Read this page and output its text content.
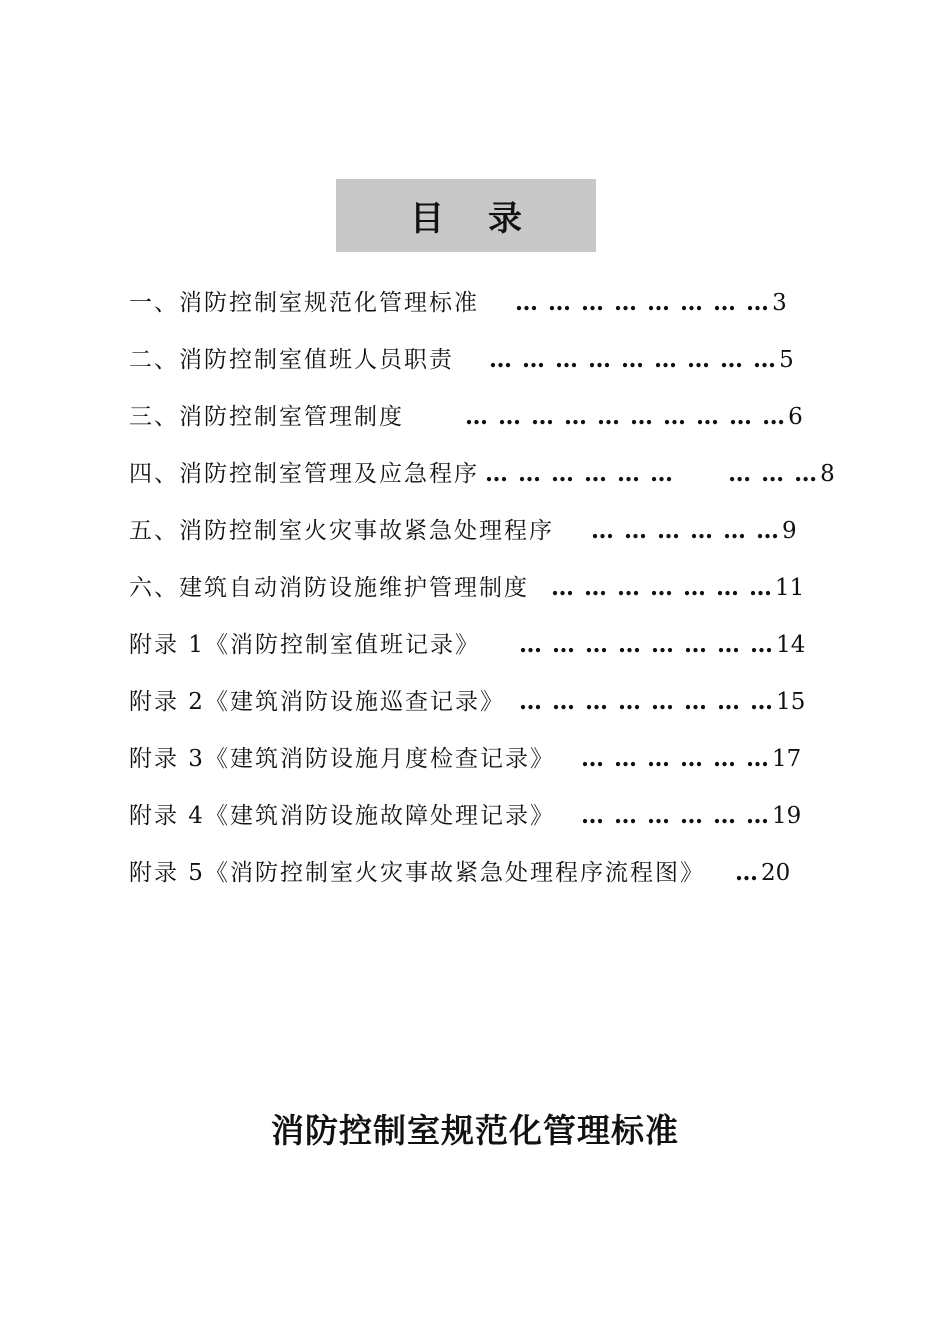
目录
一、消防控制室规范化管理标准 … … … … … … … …3
二、消防控制室值班人员职责 … … … … … … … … …5
三、消防控制室管理制度	… … … … … … … … … …6
四、消防控制室管理及应急程序 … … … … … …      … … …8
五、消防控制室火灾事故紧急处理程序 … … … … … …9
六、建筑自动消防设施维护管理制度 … … … … … … …11
附录 1《消防控制室值班记录》 … … … … … … … …14
附录 2《建筑消防设施巡查记录》 … … … … … … … …15
附录 3《建筑消防设施月度检查记录》 … … … … … …17
附录 4《建筑消防设施故障处理记录》 … … … … … …19
附录 5《消防控制室火灾事故紧急处理程序流程图》 …20
消防控制室规范化管理标准
